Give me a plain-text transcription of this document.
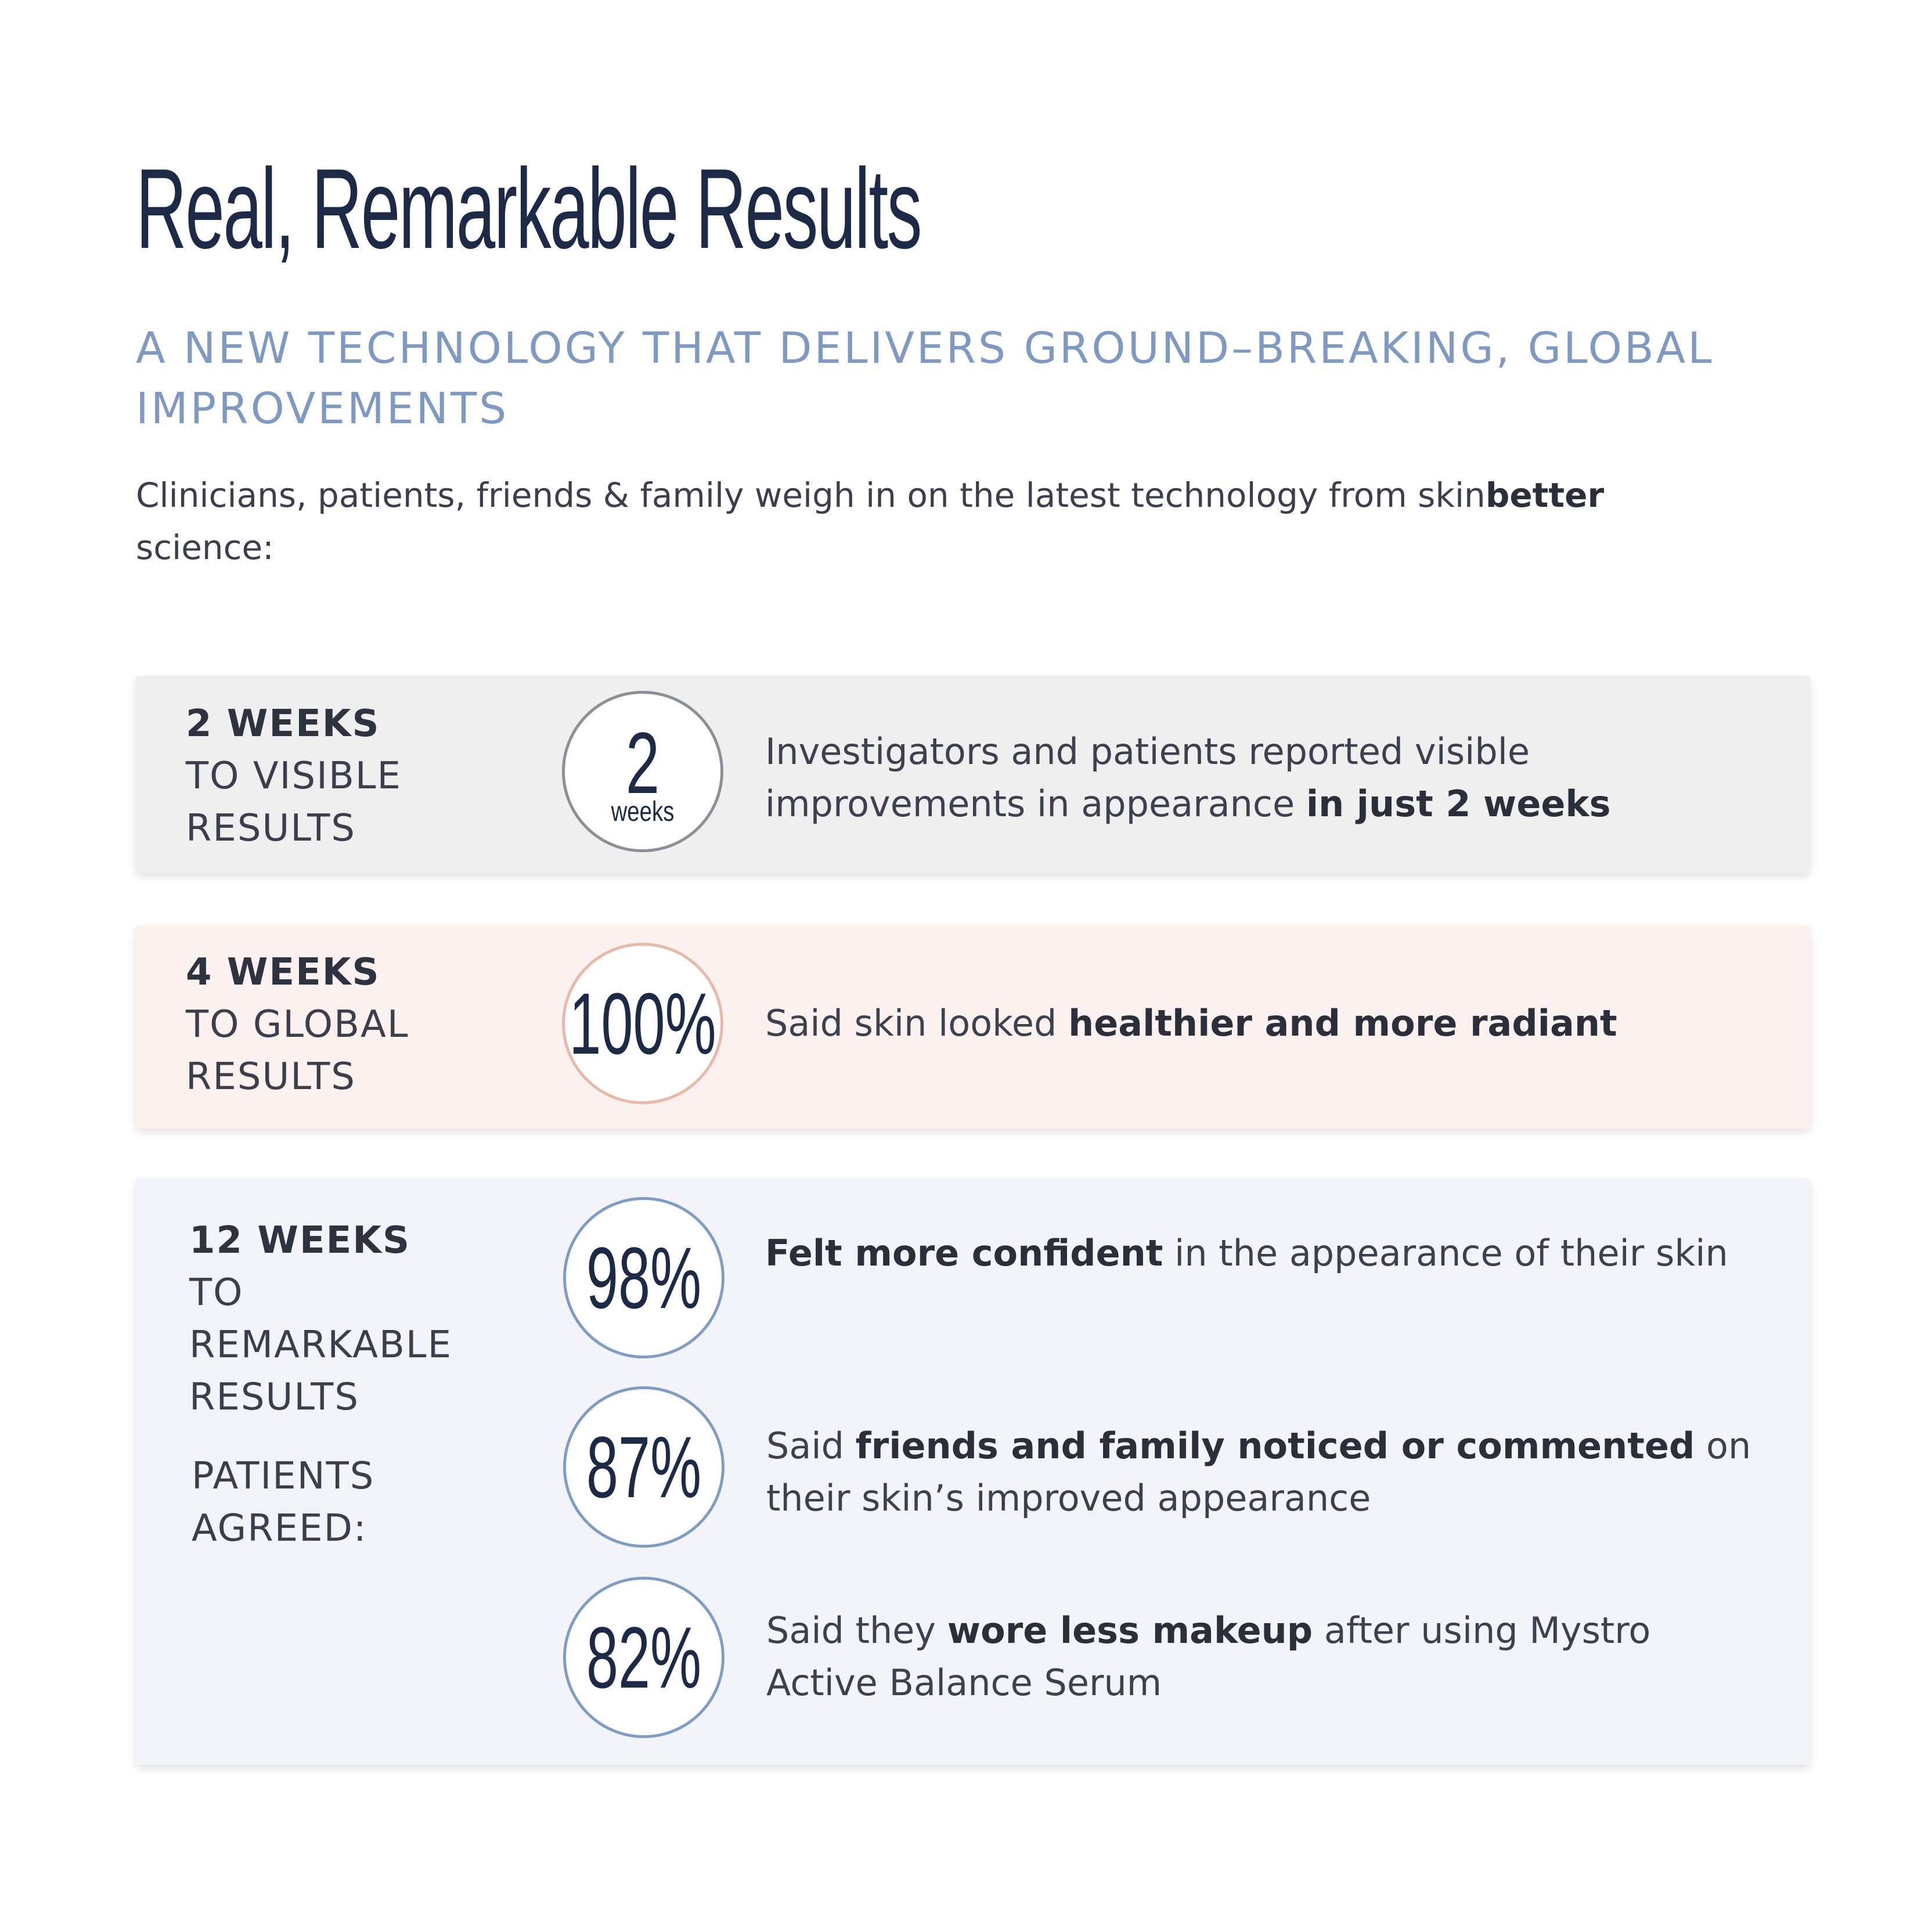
Real, Remarkable Results
A NEW TECHNOLOGY THAT DELIVERS GROUND–BREAKING, GLOBAL IMPROVEMENTS

Clinicians, patients, friends & family weigh in on the latest technology from skinbetter science:

2 WEEKS
TO VISIBLE
RESULTS
2
weeks

Investigators and patients reported visible improvements in appearance in just 2 weeks

4 WEEKS
TO GLOBAL
RESULTS
100% Said skin looked healthier and more radiant

12 WEEKS
TO
REMARKABLE
RESULTS
PATIENTS
AGREED:
98% Felt more confident in the appearance of their skin

87% Said friends and family noticed or commented on their skin’s improved appearance

82% Said they wore less makeup after using Mystro Active Balance Serum
